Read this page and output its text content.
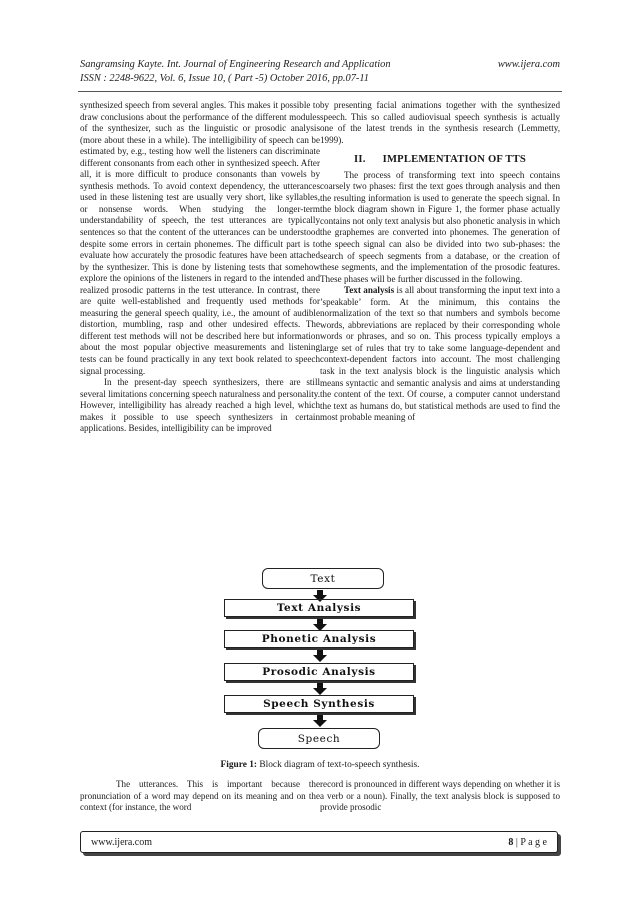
Sangramsing Kayte. Int. Journal of Engineering Research and Application	www.ijera.com
ISSN : 2248-9622, Vol. 6, Issue 10, ( Part -5) October 2016, pp.07-11

synthesized speech from several angles. This makes it possible to draw conclusions about the performance of the different modules of the synthesizer, such as the linguistic or prosodic analysis (more about these in a while). The intelligibility of speech can be estimated by, e.g., testing how well the listeners can discriminate different consonants from each other in synthesized speech. After all, it is more difficult to produce consonants than vowels by synthesis methods. To avoid context dependency, the utterances used in these listening test are usually very short, like syllables, or nonsense words. When studying the longer-term understandability of speech, the test utterances are typically sentences so that the content of the utterances can be understood despite some errors in certain phonemes. The difficult part is to evaluate how accurately the prosodic features have been attached by the synthesizer. This is done by listening tests that somehow explore the opinions of the listeners in regard to the intended and realized prosodic patterns in the test utterance. In contrast, there are quite well-established and frequently used methods for measuring the general speech quality, i.e., the amount of audible distortion, mumbling, rasp and other undesired effects. The different test methods will not be described here but information about the most popular objective measurements and listening tests can be found practically in any text book related to speech signal processing.

In the present-day speech synthesizers, there are still several limitations concerning speech naturalness and personality. However, intelligibility has already reached a high level, which makes it possible to use speech synthesizers in certain applications. Besides, intelligibility can be improved

by presenting facial animations together with the synthesized speech. This so called audiovisual speech synthesis is actually one of the latest trends in the synthesis research (Lemmetty, 1999).

II.      IMPLEMENTATION OF TTS

The process of transforming text into speech contains coarsely two phases: first the text goes through analysis and then the resulting information is used to generate the speech signal. In the block diagram shown in Figure 1, the former phase actually contains not only text analysis but also phonetic analysis in which the graphemes are converted into phonemes. The generation of the speech signal can also be divided into two sub-phases: the search of speech segments from a database, or the creation of these segments, and the implementation of the prosodic features. These phases will be further discussed in the following.

Text analysis is all about transforming the input text into a ’speakable’ form. At the minimum, this contains the normalization of the text so that numbers and symbols become words, abbreviations are replaced by their corresponding whole words or phrases, and so on. This process typically employs a large set of rules that try to take some language-dependent and context-dependent factors into account. The most challenging task in the text analysis block is the linguistic analysis which means syntactic and semantic analysis and aims at understanding the content of the text. Of course, a computer cannot understand the text as humans do, but statistical methods are used to find the most probable meaning of

Text
Text Analysis
Phonetic Analysis
Prosodic Analysis
Speech Synthesis
Speech
Figure 1: Block diagram of text-to-speech synthesis.

The utterances. This is important because the pronunciation of a word may depend on its meaning and on the context (for instance, the word

record is pronounced in different ways depending on whether it is a verb or a noun). Finally, the text analysis block is supposed to provide prosodic

www.ijera.com	8 | P a g e
